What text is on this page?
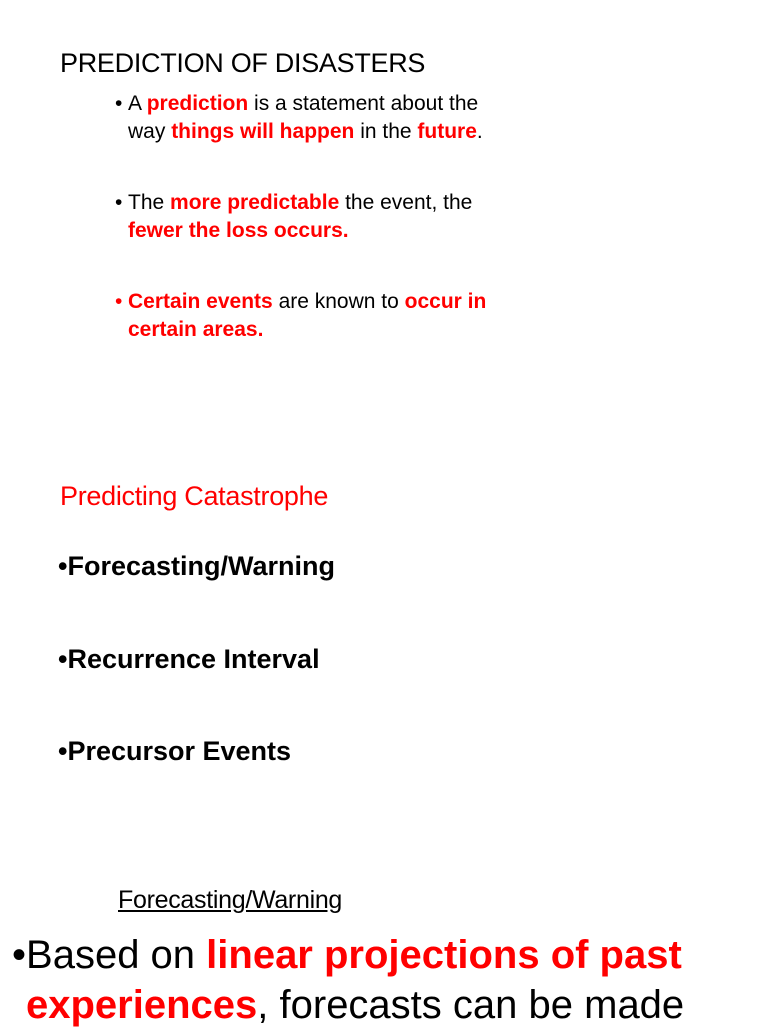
PREDICTION OF DISASTERS
• A prediction is a statement about the
way things will happen in the future.
• The more predictable the event, the
fewer the loss occurs.
• Certain events are known to occur in
certain areas.
Predicting Catastrophe
•Forecasting/Warning
•Recurrence Interval
•Precursor Events
Forecasting/Warning
•Based on linear projections of past
experiences, forecasts can be made
